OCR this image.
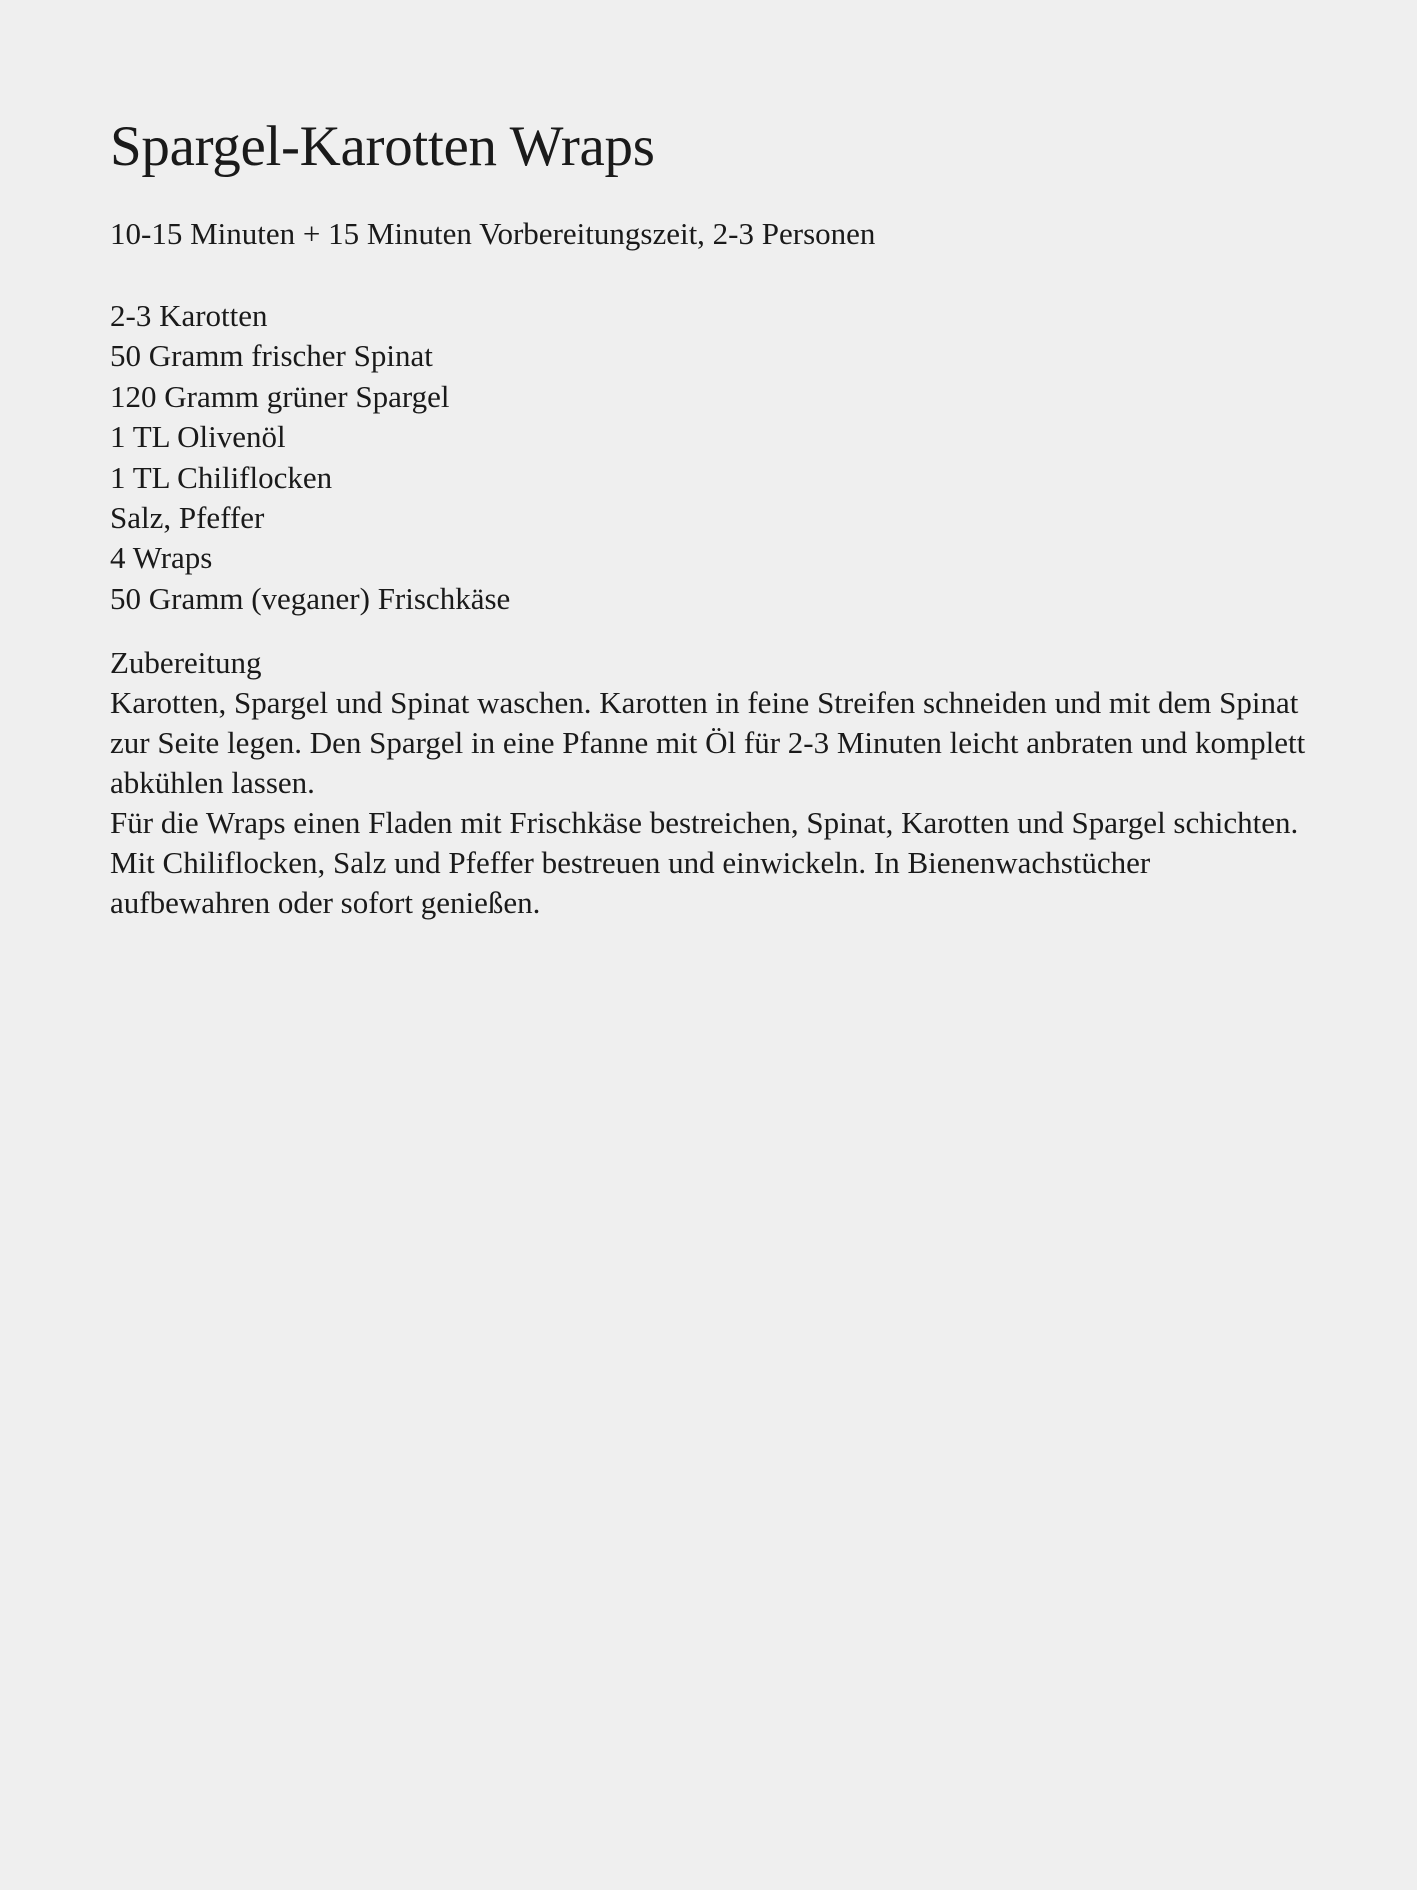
Spargel-Karotten Wraps

10-15 Minuten + 15 Minuten Vorbereitungszeit, 2-3 Personen

2-3 Karotten
50 Gramm frischer Spinat
120 Gramm grüner Spargel
1 TL Olivenöl
1 TL Chiliflocken
Salz, Pfeffer
4 Wraps
50 Gramm (veganer) Frischkäse
Zubereitung

Karotten, Spargel und Spinat waschen. Karotten in feine Streifen schneiden und mit dem Spinat zur Seite legen. Den Spargel in eine Pfanne mit Öl für 2-3 Minuten leicht anbraten und komplett abkühlen lassen.

Für die Wraps einen Fladen mit Frischkäse bestreichen, Spinat, Karotten und Spargel schichten. Mit Chiliflocken, Salz und Pfeffer bestreuen und einwickeln. In Bienenwachstücher aufbewahren oder sofort genießen.
